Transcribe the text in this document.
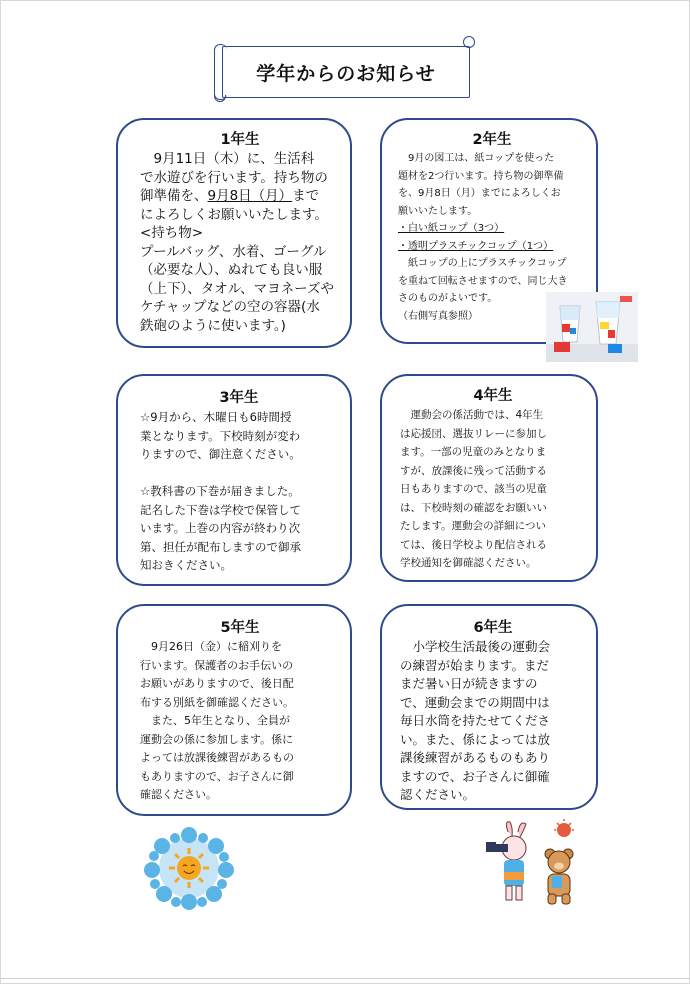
学年からのお知らせ
1年生
　9月11日（木）に、生活科
で水遊びを行います。持ち物の
御準備を、9月8日（月）まで
によろしくお願いいたします。
<持ち物>
プールバッグ、水着、ゴーグル
（必要な人）、ぬれても良い服
（上下）、タオル、マヨネーズや
ケチャップなどの空の容器(水
鉄砲のように使います。)
2年生
　9月の図工は、紙コップを使った
題材を2つ行います。持ち物の御準備
を、9月8日（月）までによろしくお
願いいたします。
・白い紙コップ（3つ）
・透明プラスチックコップ（1つ）
　紙コップの上にプラスチックコップ
を重ねて回転させますので、同じ大き
さのものがよいです。
（右側写真参照）
3年生
☆9月から、木曜日も6時間授
業となります。下校時刻が変わ
りますので、御注意ください。

☆教科書の下巻が届きました。
記名した下巻は学校で保管して
います。上巻の内容が終わり次
第、担任が配布しますので御承
知おきください。
4年生
　運動会の係活動では、4年生
は応援団、選抜リレーに参加し
ます。一部の児童のみとなりま
すが、放課後に残って活動する
日もありますので、該当の児童
は、下校時刻の確認をお願いい
たします。運動会の詳細につい
ては、後日学校より配信される
学校通知を御確認ください。
5年生
　9月26日（金）に稲刈りを
行います。保護者のお手伝いの
お願いがありますので、後日配
布する別紙を御確認ください。
　また、5年生となり、全員が
運動会の係に参加します。係に
よっては放課後練習があるもの
もありますので、お子さんに御
確認ください。
6年生
　小学校生活最後の運動会
の練習が始まります。まだ
まだ暑い日が続きますの
で、運動会までの期間中は
毎日水筒を持たせてくださ
い。また、係によっては放
課後練習があるものもあり
ますので、お子さんに御確
認ください。
